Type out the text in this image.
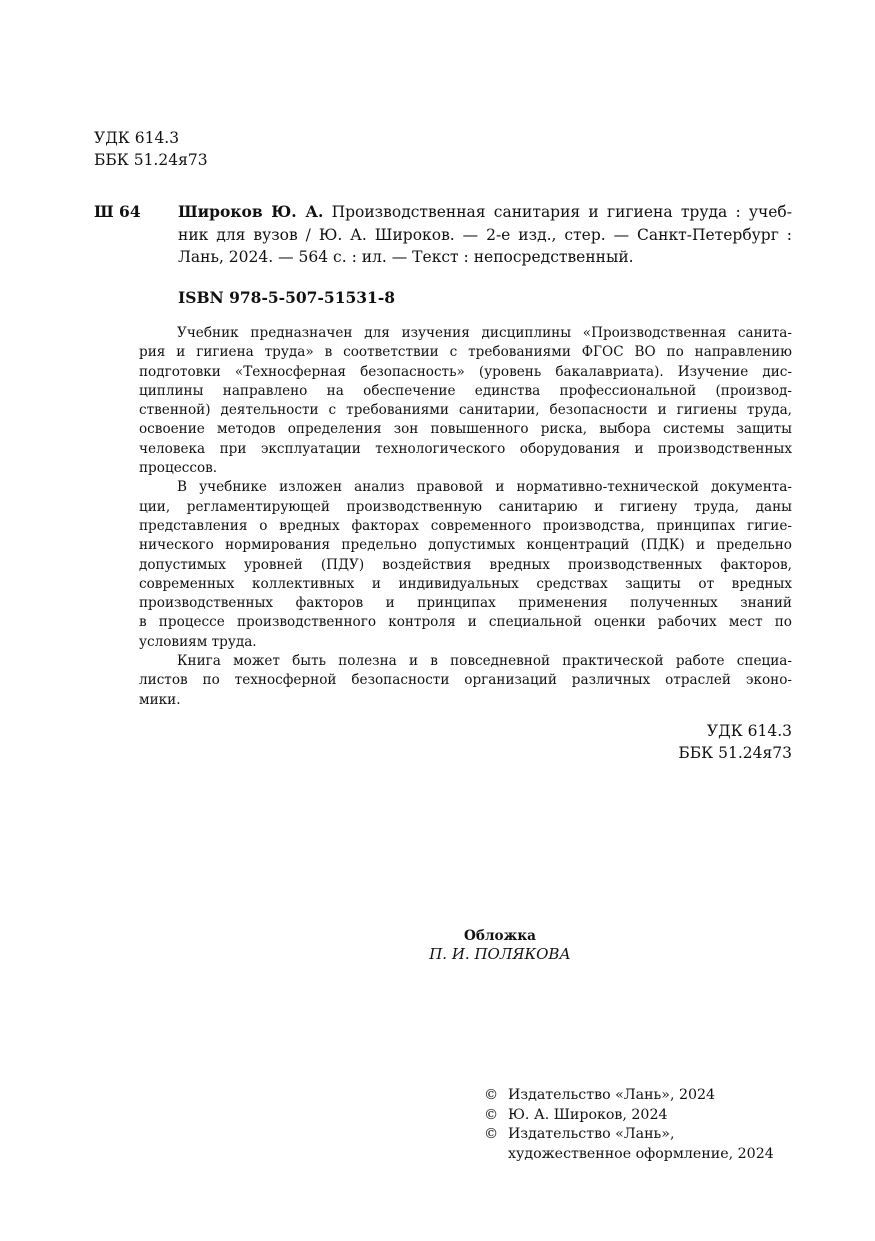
УДК 614.3
ББК 51.24я73
Ш 64 Широков Ю. А. Производственная санитария и гигиена труда : учеб-
ник для вузов / Ю. А. Широков. — 2-е изд., стер. — Санкт-Петербург :
Лань, 2024. — 564 с. : ил. — Текст : непосредственный.
ISBN 978-5-507-51531-8
Учебник предназначен для изучения дисциплины «Производственная санита-
рия и гигиена труда» в соответствии с требованиями ФГОС ВО по направлению
подготовки «Техносферная безопасность» (уровень бакалавриата). Изучение дис-
циплины направлено на обеспечение единства профессиональной (производ-
ственной) деятельности с требованиями санитарии, безопасности и гигиены труда,
освоение методов определения зон повышенного риска, выбора системы защиты
человека при эксплуатации технологического оборудования и производственных
процессов.
В учебнике изложен анализ правовой и нормативно-технической документа-
ции, регламентирующей производственную санитарию и гигиену труда, даны
представления о вредных факторах современного производства, принципах гигие-
нического нормирования предельно допустимых концентраций (ПДК) и предельно
допустимых уровней (ПДУ) воздействия вредных производственных факторов,
современных коллективных и индивидуальных средствах защиты от вредных
производственных факторов и принципах применения полученных знаний
в процессе производственного контроля и специальной оценки рабочих мест по
условиям труда.
Книга может быть полезна и в повседневной практической работе специа-
листов по техносферной безопасности организаций различных отраслей эконо-
мики.
УДК 614.3
ББК 51.24я73
Обложка
П. И. ПОЛЯКОВА
© Издательство «Лань», 2024
© Ю. А. Широков, 2024
© Издательство «Лань»,
художественное оформление, 2024
